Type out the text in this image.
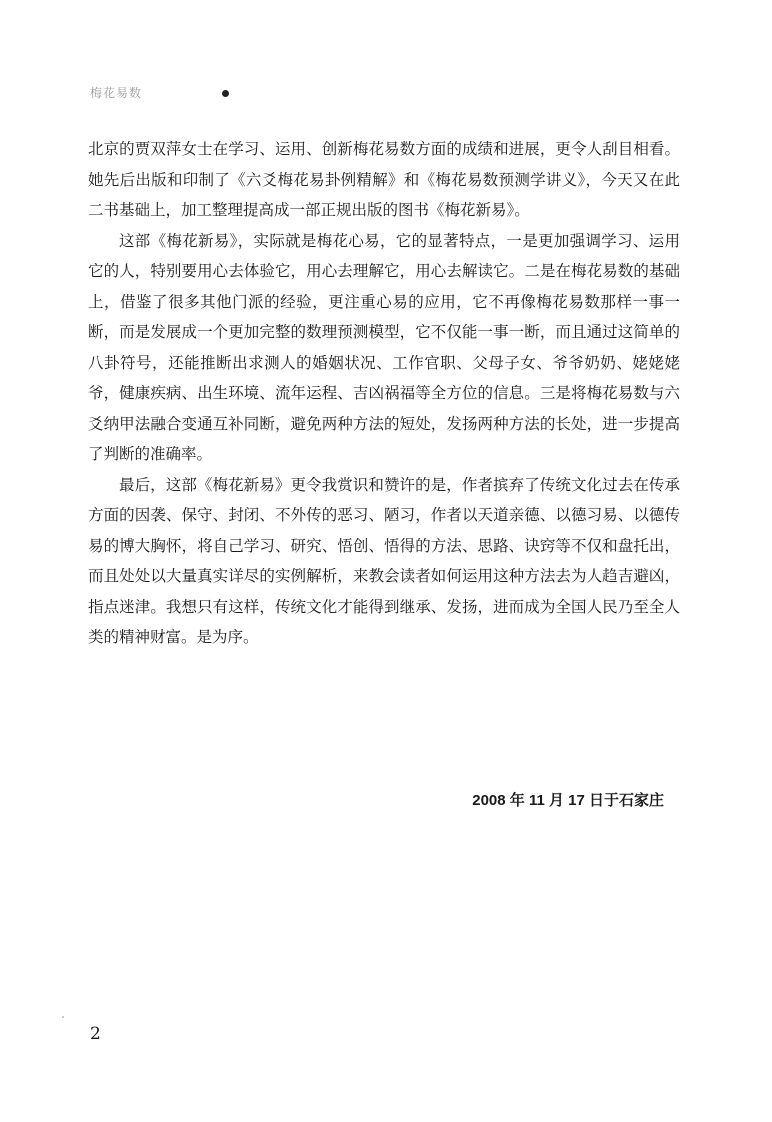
梅花易数

北京的贾双萍女士在学习、运用、创新梅花易数方面的成绩和进展，更令人刮目相看。她先后出版和印制了《六爻梅花易卦例精解》和《梅花易数预测学讲义》，今天又在此二书基础上，加工整理提高成一部正规出版的图书《梅花新易》。

这部《梅花新易》，实际就是梅花心易，它的显著特点，一是更加强调学习、运用它的人，特别要用心去体验它，用心去理解它，用心去解读它。二是在梅花易数的基础上，借鉴了很多其他门派的经验，更注重心易的应用，它不再像梅花易数那样一事一断，而是发展成一个更加完整的数理预测模型，它不仅能一事一断，而且通过这简单的八卦符号，还能推断出求测人的婚姻状况、工作官职、父母子女、爷爷奶奶、姥姥姥爷，健康疾病、出生环境、流年运程、吉凶祸福等全方位的信息。三是将梅花易数与六爻纳甲法融合变通互补同断，避免两种方法的短处，发扬两种方法的长处，进一步提高了判断的准确率。

最后，这部《梅花新易》更令我赏识和赞许的是，作者摈弃了传统文化过去在传承方面的因袭、保守、封闭、不外传的恶习、陋习，作者以天道亲德、以德习易、以德传易的博大胸怀，将自己学习、研究、悟创、悟得的方法、思路、诀窍等不仅和盘托出，而且处处以大量真实详尽的实例解析，来教会读者如何运用这种方法去为人趋吉避凶，指点迷津。我想只有这样，传统文化才能得到继承、发扬，进而成为全国人民乃至全人类的精神财富。是为序。

2008 年 11 月 17 日于石家庄
2
